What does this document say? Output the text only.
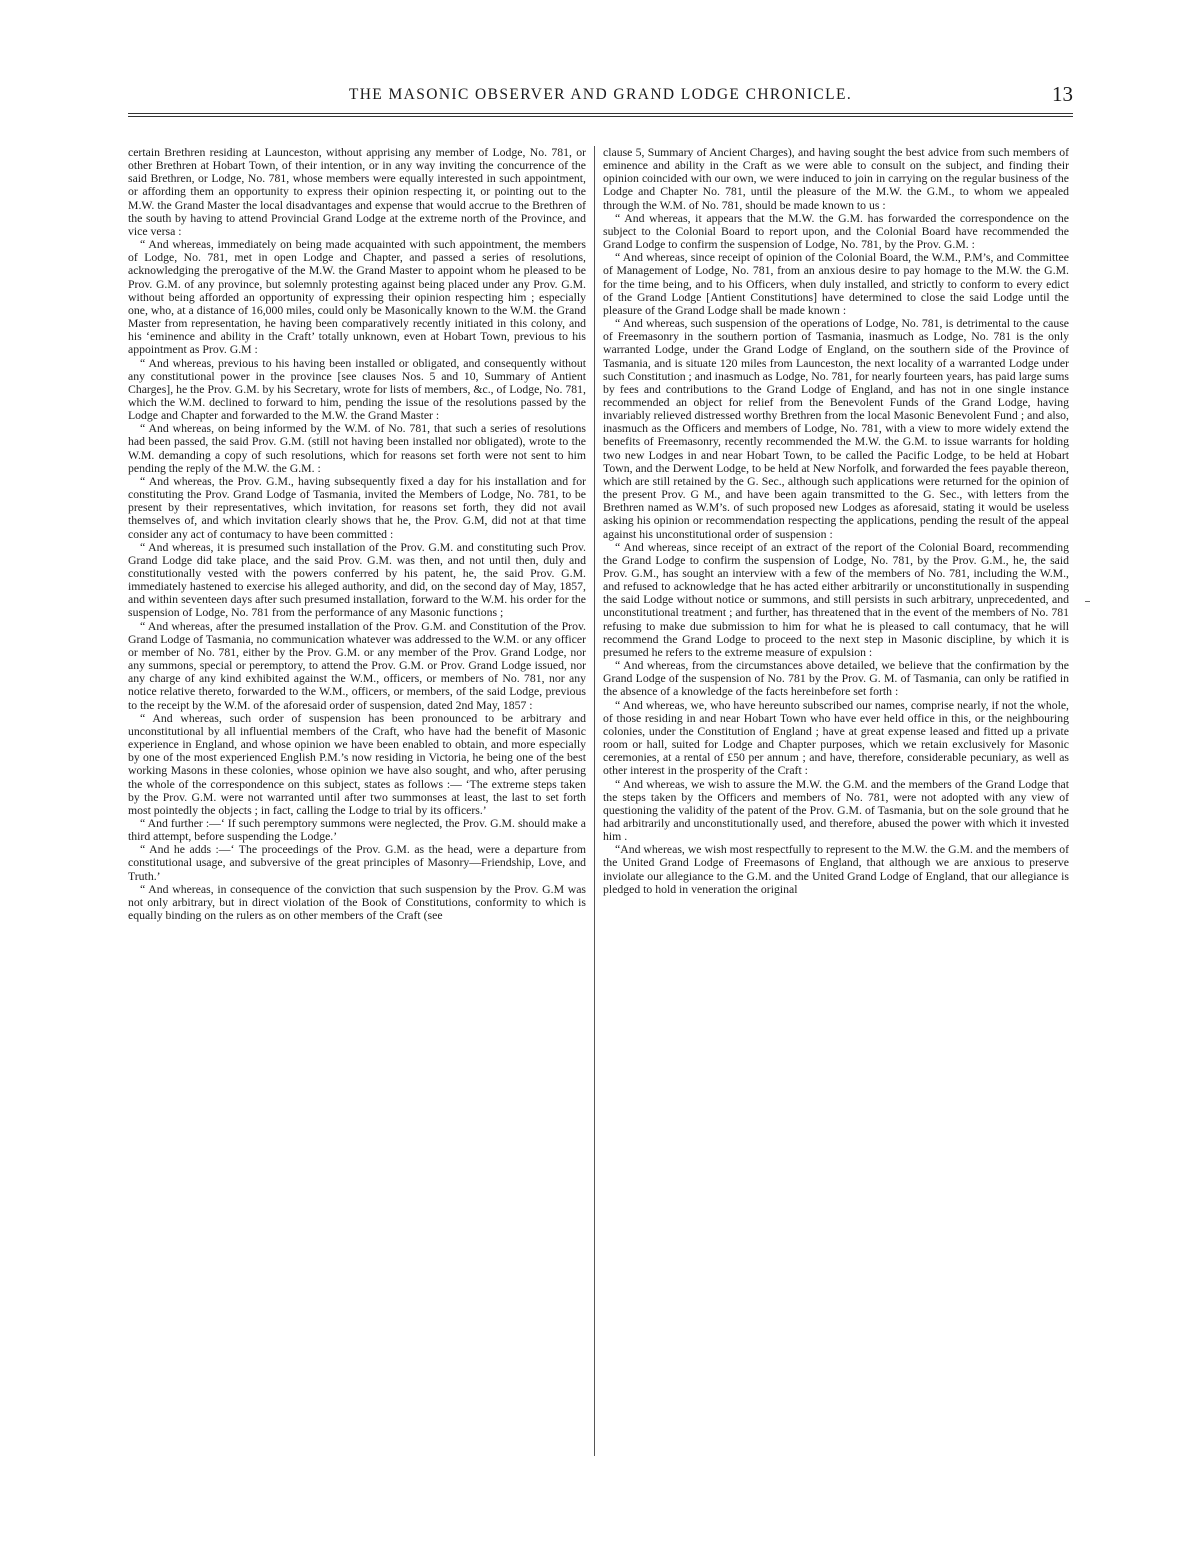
THE MASONIC OBSERVER AND GRAND LODGE CHRONICLE.	13

certain Brethren residing at Launceston, without apprising any member of Lodge, No. 781, or other Brethren at Hobart Town, of their intention, or in any way inviting the concurrence of the said Brethren, or Lodge, No. 781, whose members were equally interested in such appointment, or affording them an opportunity to express their opinion respecting it, or pointing out to the M.W. the Grand Master the local disadvantages and expense that would accrue to the Brethren of the south by having to attend Provincial Grand Lodge at the extreme north of the Province, and vice versa :

“ And whereas, immediately on being made acquainted with such appointment, the members of Lodge, No. 781, met in open Lodge and Chapter, and passed a series of resolutions, acknowledging the prerogative of the M.W. the Grand Master to appoint whom he pleased to be Prov. G.M. of any province, but solemnly protesting against being placed under any Prov. G.M. without being afforded an opportunity of expressing their opinion respecting him ; especially one, who, at a distance of 16,000 miles, could only be Masonically known to the W.M. the Grand Master from representation, he having been comparatively recently initiated in this colony, and his ‘eminence and ability in the Craft’ totally unknown, even at Hobart Town, previous to his appointment as Prov. G.M :

“ And whereas, previous to his having been installed or obligated, and consequently without any constitutional power in the province [see clauses Nos. 5 and 10, Summary of Antient Charges], he the Prov. G.M. by his Secretary, wrote for lists of members, &c., of Lodge, No. 781, which the W.M. declined to forward to him, pending the issue of the resolutions passed by the Lodge and Chapter and forwarded to the M.W. the Grand Master :

“ And whereas, on being informed by the W.M. of No. 781, that such a series of resolutions had been passed, the said Prov. G.M. (still not having been installed nor obligated), wrote to the W.M. demanding a copy of such resolutions, which for reasons set forth were not sent to him pending the reply of the M.W. the G.M. :

“ And whereas, the Prov. G.M., having subsequently fixed a day for his installation and for constituting the Prov. Grand Lodge of Tasmania, invited the Members of Lodge, No. 781, to be present by their representatives, which invitation, for reasons set forth, they did not avail themselves of, and which invitation clearly shows that he, the Prov. G.M, did not at that time consider any act of contumacy to have been committed :

“ And whereas, it is presumed such installation of the Prov. G.M. and constituting such Prov. Grand Lodge did take place, and the said Prov. G.M. was then, and not until then, duly and constitutionally vested with the powers conferred by his patent, he, the said Prov. G.M. immediately hastened to exercise his alleged authority, and did, on the second day of May, 1857, and within seventeen days after such presumed installation, forward to the W.M. his order for the suspension of Lodge, No. 781 from the performance of any Masonic functions ;

“ And whereas, after the presumed installation of the Prov. G.M. and Constitution of the Prov. Grand Lodge of Tasmania, no communication whatever was addressed to the W.M. or any officer or member of No. 781, either by the Prov. G.M. or any member of the Prov. Grand Lodge, nor any summons, special or peremptory, to attend the Prov. G.M. or Prov. Grand Lodge issued, nor any charge of any kind exhibited against the W.M., officers, or members of No. 781, nor any notice relative thereto, forwarded to the W.M., officers, or members, of the said Lodge, previous to the receipt by the W.M. of the aforesaid order of suspension, dated 2nd May, 1857 :

“ And whereas, such order of suspension has been pronounced to be arbitrary and unconstitutional by all influential members of the Craft, who have had the benefit of Masonic experience in England, and whose opinion we have been enabled to obtain, and more especially by one of the most experienced English P.M.’s now residing in Victoria, he being one of the best working Masons in these colonies, whose opinion we have also sought, and who, after perusing the whole of the correspondence on this subject, states as follows :— ‘The extreme steps taken by the Prov. G.M. were not warranted until after two summonses at least, the last to set forth most pointedly the objects ; in fact, calling the Lodge to trial by its officers.’

“ And further :—‘ If such peremptory summons were neglected, the Prov. G.M. should make a third attempt, before suspending the Lodge.’

“ And he adds :—‘ The proceedings of the Prov. G.M. as the head, were a departure from constitutional usage, and subversive of the great principles of Masonry—Friendship, Love, and Truth.’

“ And whereas, in consequence of the conviction that such suspension by the Prov. G.M was not only arbitrary, but in direct violation of the Book of Constitutions, conformity to which is equally binding on the rulers as on other members of the Craft (see

clause 5, Summary of Ancient Charges), and having sought the best advice from such members of eminence and ability in the Craft as we were able to consult on the subject, and finding their opinion coincided with our own, we were induced to join in carrying on the regular business of the Lodge and Chapter No. 781, until the pleasure of the M.W. the G.M., to whom we appealed through the W.M. of No. 781, should be made known to us :

“ And whereas, it appears that the M.W. the G.M. has forwarded the correspondence on the subject to the Colonial Board to report upon, and the Colonial Board have recommended the Grand Lodge to confirm the suspension of Lodge, No. 781, by the Prov. G.M. :

“ And whereas, since receipt of opinion of the Colonial Board, the W.M., P.M’s, and Committee of Management of Lodge, No. 781, from an anxious desire to pay homage to the M.W. the G.M. for the time being, and to his Officers, when duly installed, and strictly to conform to every edict of the Grand Lodge [Antient Constitutions] have determined to close the said Lodge until the pleasure of the Grand Lodge shall be made known :

“ And whereas, such suspension of the operations of Lodge, No. 781, is detrimental to the cause of Freemasonry in the southern portion of Tasmania, inasmuch as Lodge, No. 781 is the only warranted Lodge, under the Grand Lodge of England, on the southern side of the Province of Tasmania, and is situate 120 miles from Launceston, the next locality of a warranted Lodge under such Constitution ; and inasmuch as Lodge, No. 781, for nearly fourteen years, has paid large sums by fees and contributions to the Grand Lodge of England, and has not in one single instance recommended an object for relief from the Benevolent Funds of the Grand Lodge, having invariably relieved distressed worthy Brethren from the local Masonic Benevolent Fund ; and also, inasmuch as the Officers and members of Lodge, No. 781, with a view to more widely extend the benefits of Freemasonry, recently recommended the M.W. the G.M. to issue warrants for holding two new Lodges in and near Hobart Town, to be called the Pacific Lodge, to be held at Hobart Town, and the Derwent Lodge, to be held at New Norfolk, and forwarded the fees payable thereon, which are still retained by the G. Sec., although such applications were returned for the opinion of the present Prov. G M., and have been again transmitted to the G. Sec., with letters from the Brethren named as W.M’s. of such proposed new Lodges as aforesaid, stating it would be useless asking his opinion or recommendation respecting the applications, pending the result of the appeal against his unconstitutional order of suspension :

“ And whereas, since receipt of an extract of the report of the Colonial Board, recommending the Grand Lodge to confirm the suspension of Lodge, No. 781, by the Prov. G.M., he, the said Prov. G.M., has sought an interview with a few of the members of No. 781, including the W.M., and refused to acknowledge that he has acted either arbitrarily or unconstitutionally in suspending the said Lodge without notice or summons, and still persists in such arbitrary, unprecedented, and unconstitutional treatment ; and further, has threatened that in the event of the members of No. 781 refusing to make due submission to him for what he is pleased to call contumacy, that he will recommend the Grand Lodge to proceed to the next step in Masonic discipline, by which it is presumed he refers to the extreme measure of expulsion :

“ And whereas, from the circumstances above detailed, we believe that the confirmation by the Grand Lodge of the suspension of No. 781 by the Prov. G. M. of Tasmania, can only be ratified in the absence of a knowledge of the facts hereinbefore set forth :

“ And whereas, we, who have hereunto subscribed our names, comprise nearly, if not the whole, of those residing in and near Hobart Town who have ever held office in this, or the neighbouring colonies, under the Constitution of England ; have at great expense leased and fitted up a private room or hall, suited for Lodge and Chapter purposes, which we retain exclusively for Masonic ceremonies, at a rental of £50 per annum ; and have, therefore, considerable pecuniary, as well as other interest in the prosperity of the Craft :

“ And whereas, we wish to assure the M.W. the G.M. and the members of the Grand Lodge that the steps taken by the Officers and members of No. 781, were not adopted with any view of questioning the validity of the patent of the Prov. G.M. of Tasmania, but on the sole ground that he had arbitrarily and unconstitutionally used, and therefore, abused the power with which it invested him .

“And whereas, we wish most respectfully to represent to the M.W. the G.M. and the members of the United Grand Lodge of Freemasons of England, that although we are anxious to preserve inviolate our allegiance to the G.M. and the United Grand Lodge of England, that our allegiance is pledged to hold in veneration the original
